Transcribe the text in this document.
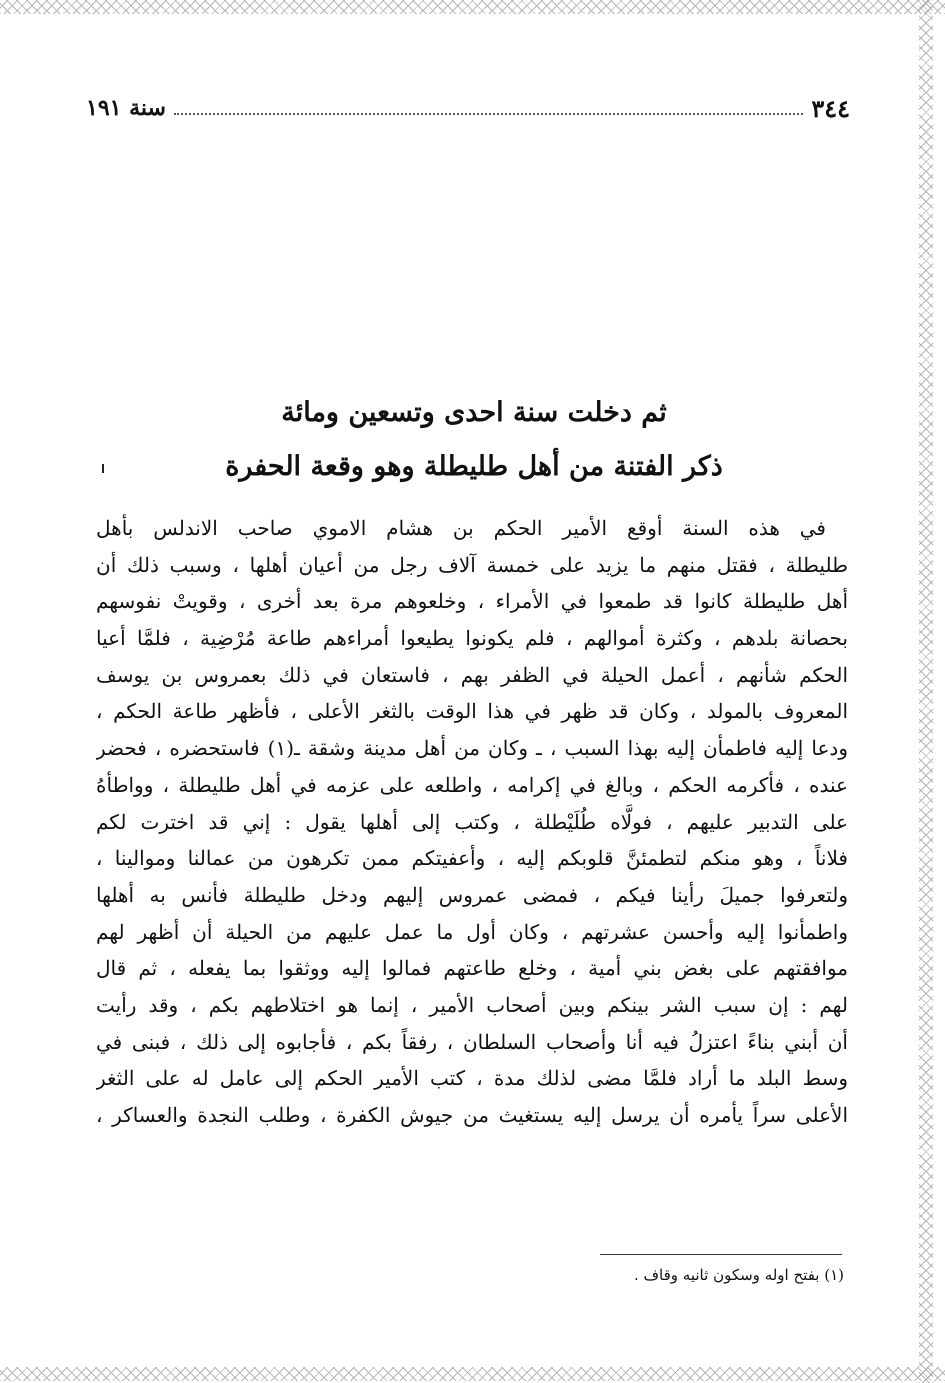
٣٤٤
سنة ١٩١
ثم دخلت سنة احدى وتسعين ومائة
ذكر الفتنة من أهل طليطلة وهو وقعة الحفرة
في هذه السنة أوقع الأمير الحكم بن هشام الاموي صاحب الاندلس بأهل
طليطلة ، فقتل منهم ما يزيد على خمسة آلاف رجل من أعيان أهلها ، وسبب ذلك أن
أهل طليطلة كانوا قد طمعوا في الأمراء ، وخلعوهم مرة بعد أخرى ، وقويتْ نفوسهم
بحصانة بلدهم ، وكثرة أموالهم ، فلم يكونوا يطيعوا أمراءهم طاعة مُرْضِية ، فلمَّا أعيا
الحكم شأنهم ، أعمل الحيلة في الظفر بهم ، فاستعان في ذلك بعمروس بن يوسف
المعروف بالمولد ، وكان قد ظهر في هذا الوقت بالثغر الأعلى ، فأظهر طاعة الحكم ،
ودعا إليه فاطمأن إليه بهذا السبب ، ـ وكان من أهل مدينة وشقة ـ(١) فاستحضره ، فحضر
عنده ، فأكرمه الحكم ، وبالغ في إكرامه ، واطلعه على عزمه في أهل طليطلة ، وواطأهُ
على التدبير عليهم ، فولَّاه طُلَيْطلة ، وكتب إلى أهلها يقول : إني قد اخترت لكم
فلاناً ، وهو منكم لتطمئنَّ قلوبكم إليه ، وأعفيتكم ممن تكرهون من عمالنا وموالينا ،
ولتعرفوا جميلَ رأينا فيكم ، فمضى عمروس إليهم ودخل طليطلة فأنس به أهلها
واطمأنوا إليه وأحسن عشرتهم ، وكان أول ما عمل عليهم من الحيلة أن أظهر لهم
موافقتهم على بغض بني أمية ، وخلع طاعتهم فمالوا إليه ووثقوا بما يفعله ، ثم قال
لهم : إن سبب الشر بينكم وبين أصحاب الأمير ، إنما هو اختلاطهم بكم ، وقد رأيت
أن أبني بناءً اعتزلُ فيه أنا وأصحاب السلطان ، رفقاً بكم ، فأجابوه إلى ذلك ، فبنى في
وسط البلد ما أراد فلمَّا مضى لذلك مدة ، كتب الأمير الحكم إلى عامل له على الثغر
الأعلى سراً يأمره أن يرسل إليه يستغيث من جيوش الكفرة ، وطلب النجدة والعساكر ،
(١) بفتح اوله وسكون ثانيه وقاف .
